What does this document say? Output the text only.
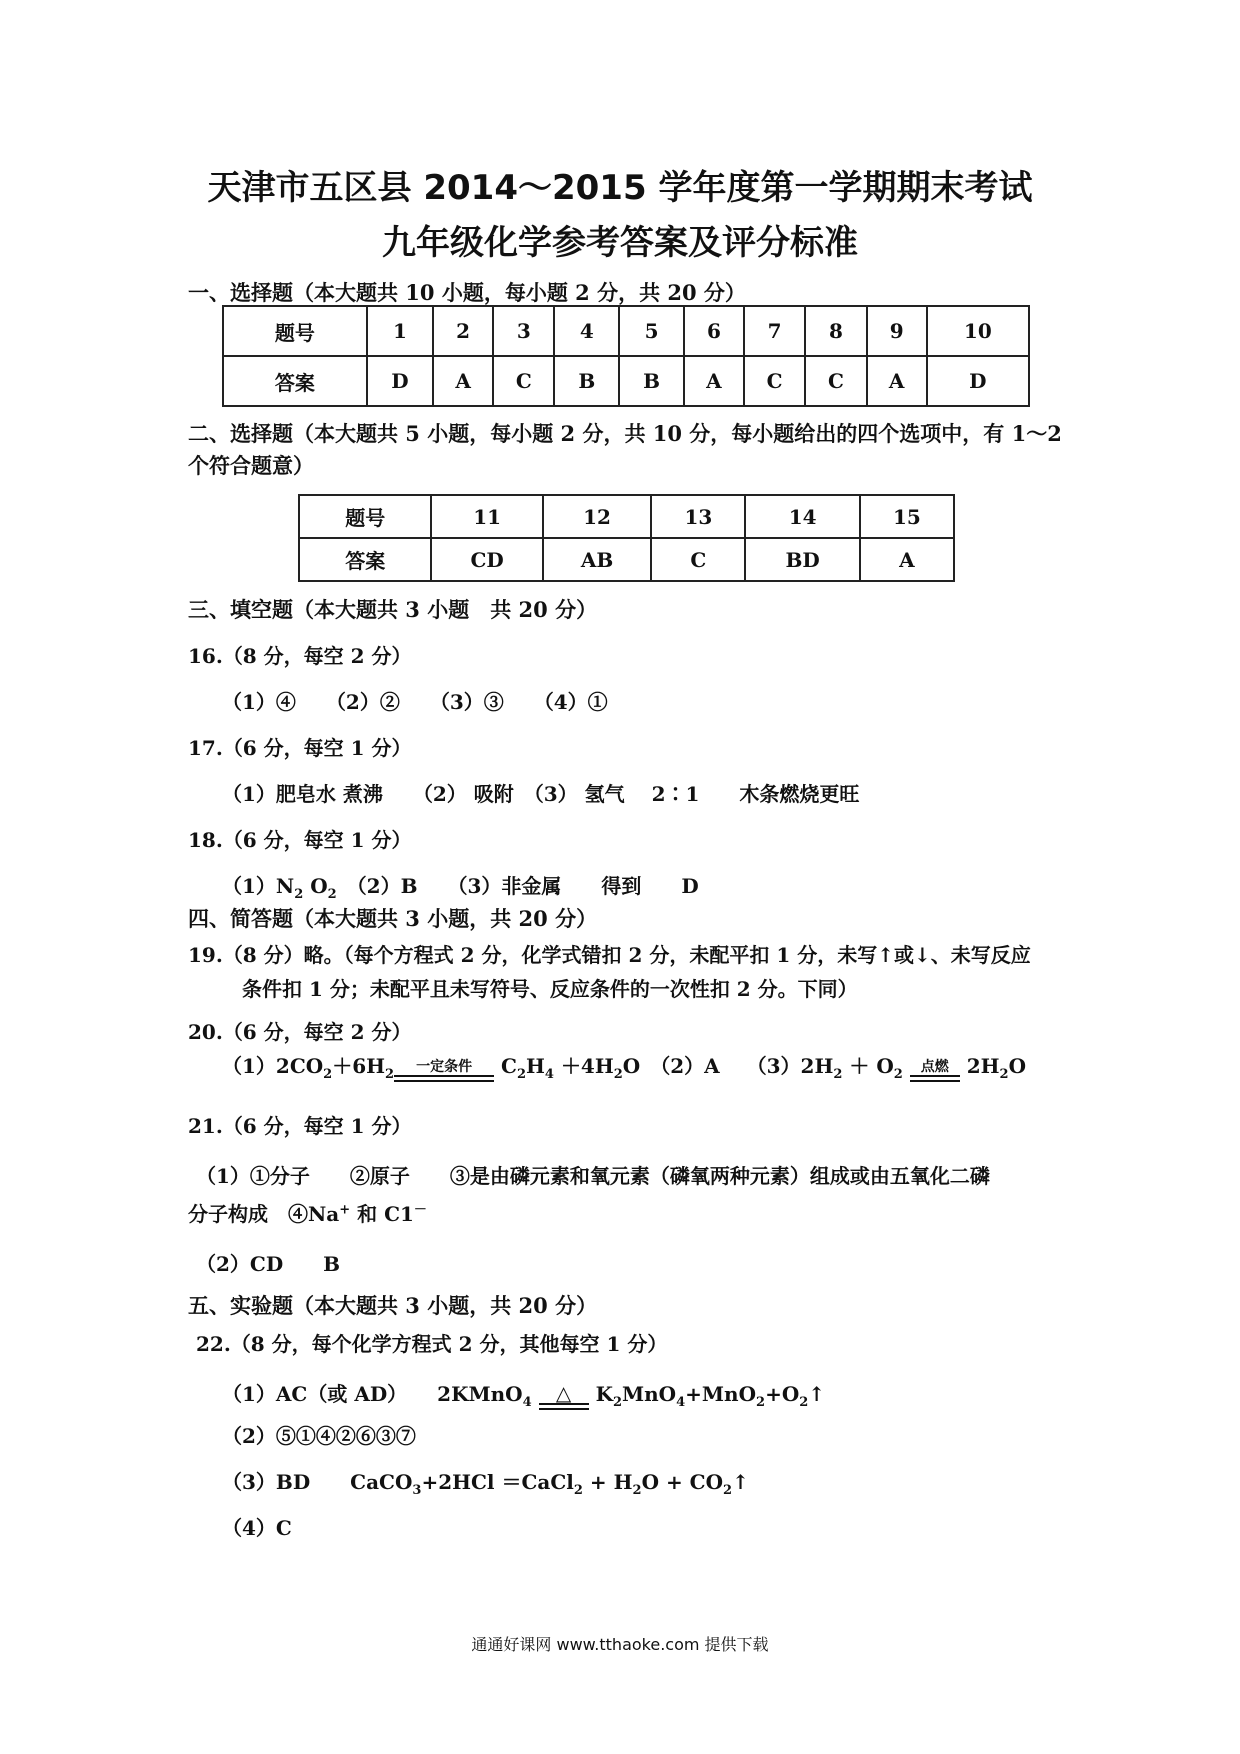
天津市五区县 2014～2015 学年度第一学期期末考试
九年级化学参考答案及评分标准
一、选择题（本大题共 10 小题，每小题 2 分，共 20 分）
题号	1	2	3	4	5	6	7	8	9	10
答案	D	A	C	B	B	A	C	C	A	D
二、选择题（本大题共 5 小题，每小题 2 分，共 10 分，每小题给出的四个选项中，有 1～2
个符合题意）
题号	11	12	13	14	15
答案	CD	AB	C	BD	A
三、填空题（本大题共 3 小题　共 20 分）
16.（8 分，每空 2 分）
（1）④　　（2）②　　（3）③　　（4）①
17.（6 分，每空 1 分）
（1）肥皂水 煮沸　　（2） 吸附　（3） 氢气　 2∶1　　木条燃烧更旺
18.（6 分，每空 1 分）
$(1)N_2$ $O_2$　（2）B　　（3）非金属　　得到　　D
四、简答题（本大题共 3 小题，共 20 分）
19.（8 分）略。（每个方程式 2 分，化学式错扣 2 分，未配平扣 1 分，未写↑或↓、未写反应
条件扣 1 分；未配平且未写符号、反应条件的一次性扣 2 分。下同）
20.（6 分，每空 2 分）
$(1)2CO_2+6H_2$	一定条件	$C_2H_4 +4H_2O$　（2）A　 $(3)2H_2 + O_2$	点燃 $2H_2O$
21.（6 分，每空 1 分）
（1）①分子　　②原子　　③是由磷元素和氧元素（磷氧两种元素）组成或由五氧化二磷
分子构成　④Na+ 和 C1－
（2）CD　　B
五、实验题（本大题共 3 小题，共 20 分）
22.（8 分，每个化学方程式 2 分，其他每空 1 分）
（1）AC（或 AD）　　2KMnO$_4$	△	$K_2MnO_4+MnO_2+O_2↑$
（2）⑤①④②⑥③⑦
（3）BD　　CaCO$_3$+2HCl ＝CaCl$_2$ + $H_2O$ + $CO_2↑$
（4）C
通通好课网 www.tthaoke.com 提供下载
